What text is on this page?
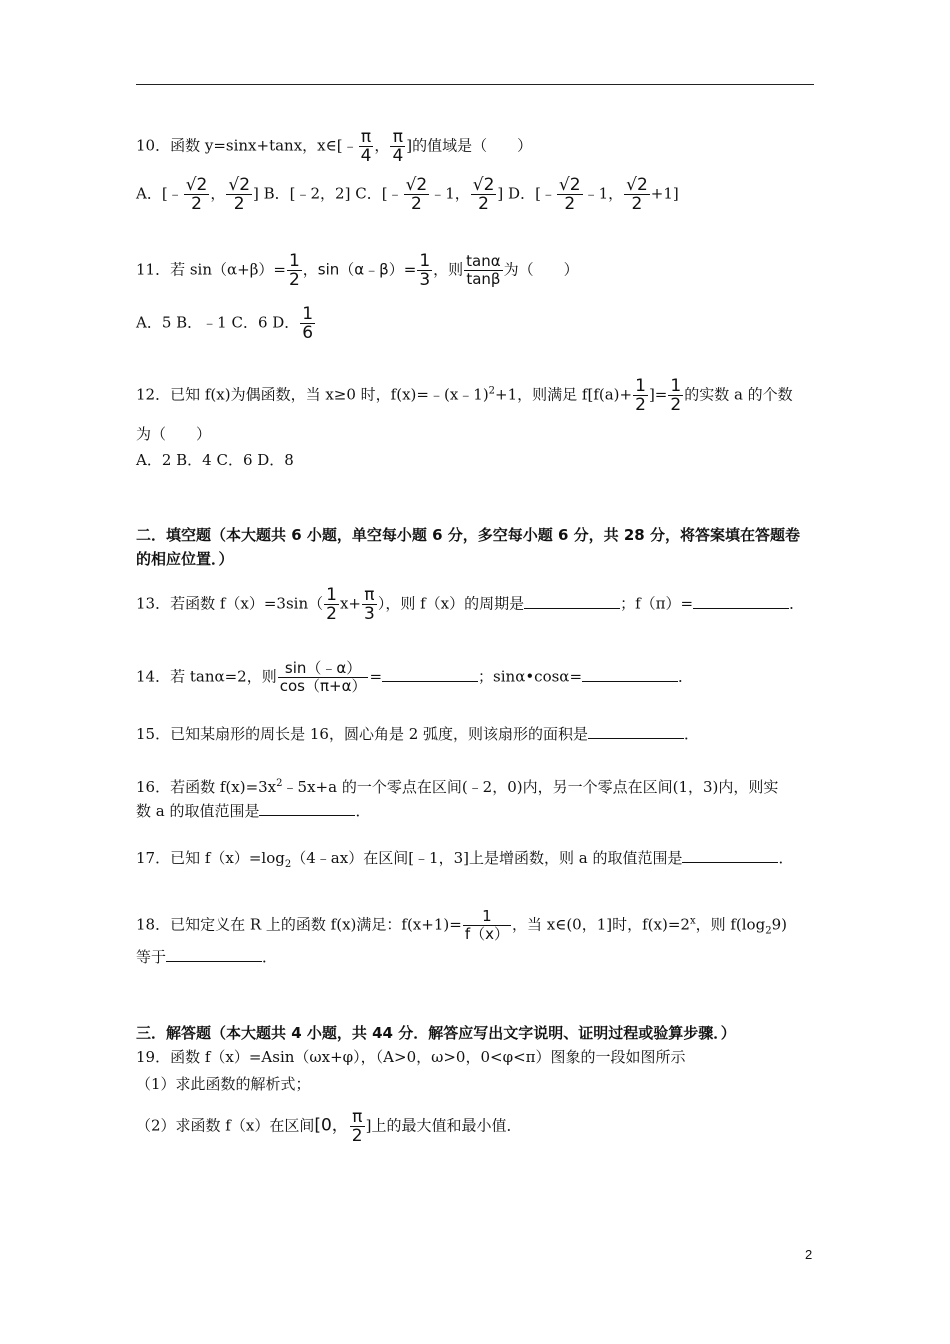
10．函数 y=sinx+tanx，x∈[﹣ $\frac{\pi}{4}$ ， $\frac{\pi}{4}$ ]的值域是（　　）
A．[﹣ $\frac{√2}{2}$ ， $\frac{√2}{2}$ ] B．[﹣2，2] C．[﹣ $\frac{√2}{2}$ ﹣1， $\frac{√2}{2}$ ] D．[﹣ $\frac{√2}{2}$ ﹣1， $\frac{√2}{2} +1$]
11．若 $\sin(\alpha+\beta)= \frac{1}{2}$ ，sin（α﹣β）= $\frac{1}{3}$ ，则 $\frac{\tan\alpha}{\tan\beta}$ 为（　　）
A．5 B．﹣1 C．6 D． $\frac{1}{6}$
12．已知 f(x)为偶函数，当 x≥0 时，f(x)=﹣(x﹣1)$^2$+1，则满足 $f[f(a)+ \frac{1}{2}$ ]= $\frac{1}{2}$ 的实数 a 的个数
为（　　）
A．2 B．4 C．6 D．8
二．填空题（本大题共 6 小题，单空每小题 6 分，多空每小题 6 分，共 28 分，将答案填在答题卷
的相应位置．）
13．若函数 $f(x)=3\sin( \frac{1}{2} x+ \frac{\pi}{3}$ ），则 f（x）的周期是	；f（π）=	．
14．若 tanα=2，则 $\frac{\sin(﹣\alpha)}{\cos(\pi+\alpha)}$ =	；sinα•cosα=	．
15．已知某扇形的周长是 16，圆心角是 2 弧度，则该扇形的面积是	．
16．若函数 $f(x)=3x^2﹣5x+a$ 的一个零点在区间(﹣2，0)内，另一个零点在区间(1，3)内，则实
数 a 的取值范围是	．
17．已知 $f(x)=\log_2(4﹣ax)$在区间[﹣1，3]上是增函数，则 a 的取值范围是	．
18．已知定义在 R 上的函数 f(x)满足：$f(x+1)= \frac{1}{f(x)}$ ，当 x∈(0，1]时，$f(x)=2^x$，则 $f(\log_29)$
等于	．
三．解答题（本大题共 4 小题，共 44 分．解答应写出文字说明、证明过程或验算步骤．）
19．函数 f（x）=Asin（ωx+φ），（A>0，ω>0，0<φ<π）图象的一段如图所示
（1）求此函数的解析式；
（2）求函数 f（x）在区间[0， $\frac{\pi}{2}$ ]上的最大值和最小值．
2
